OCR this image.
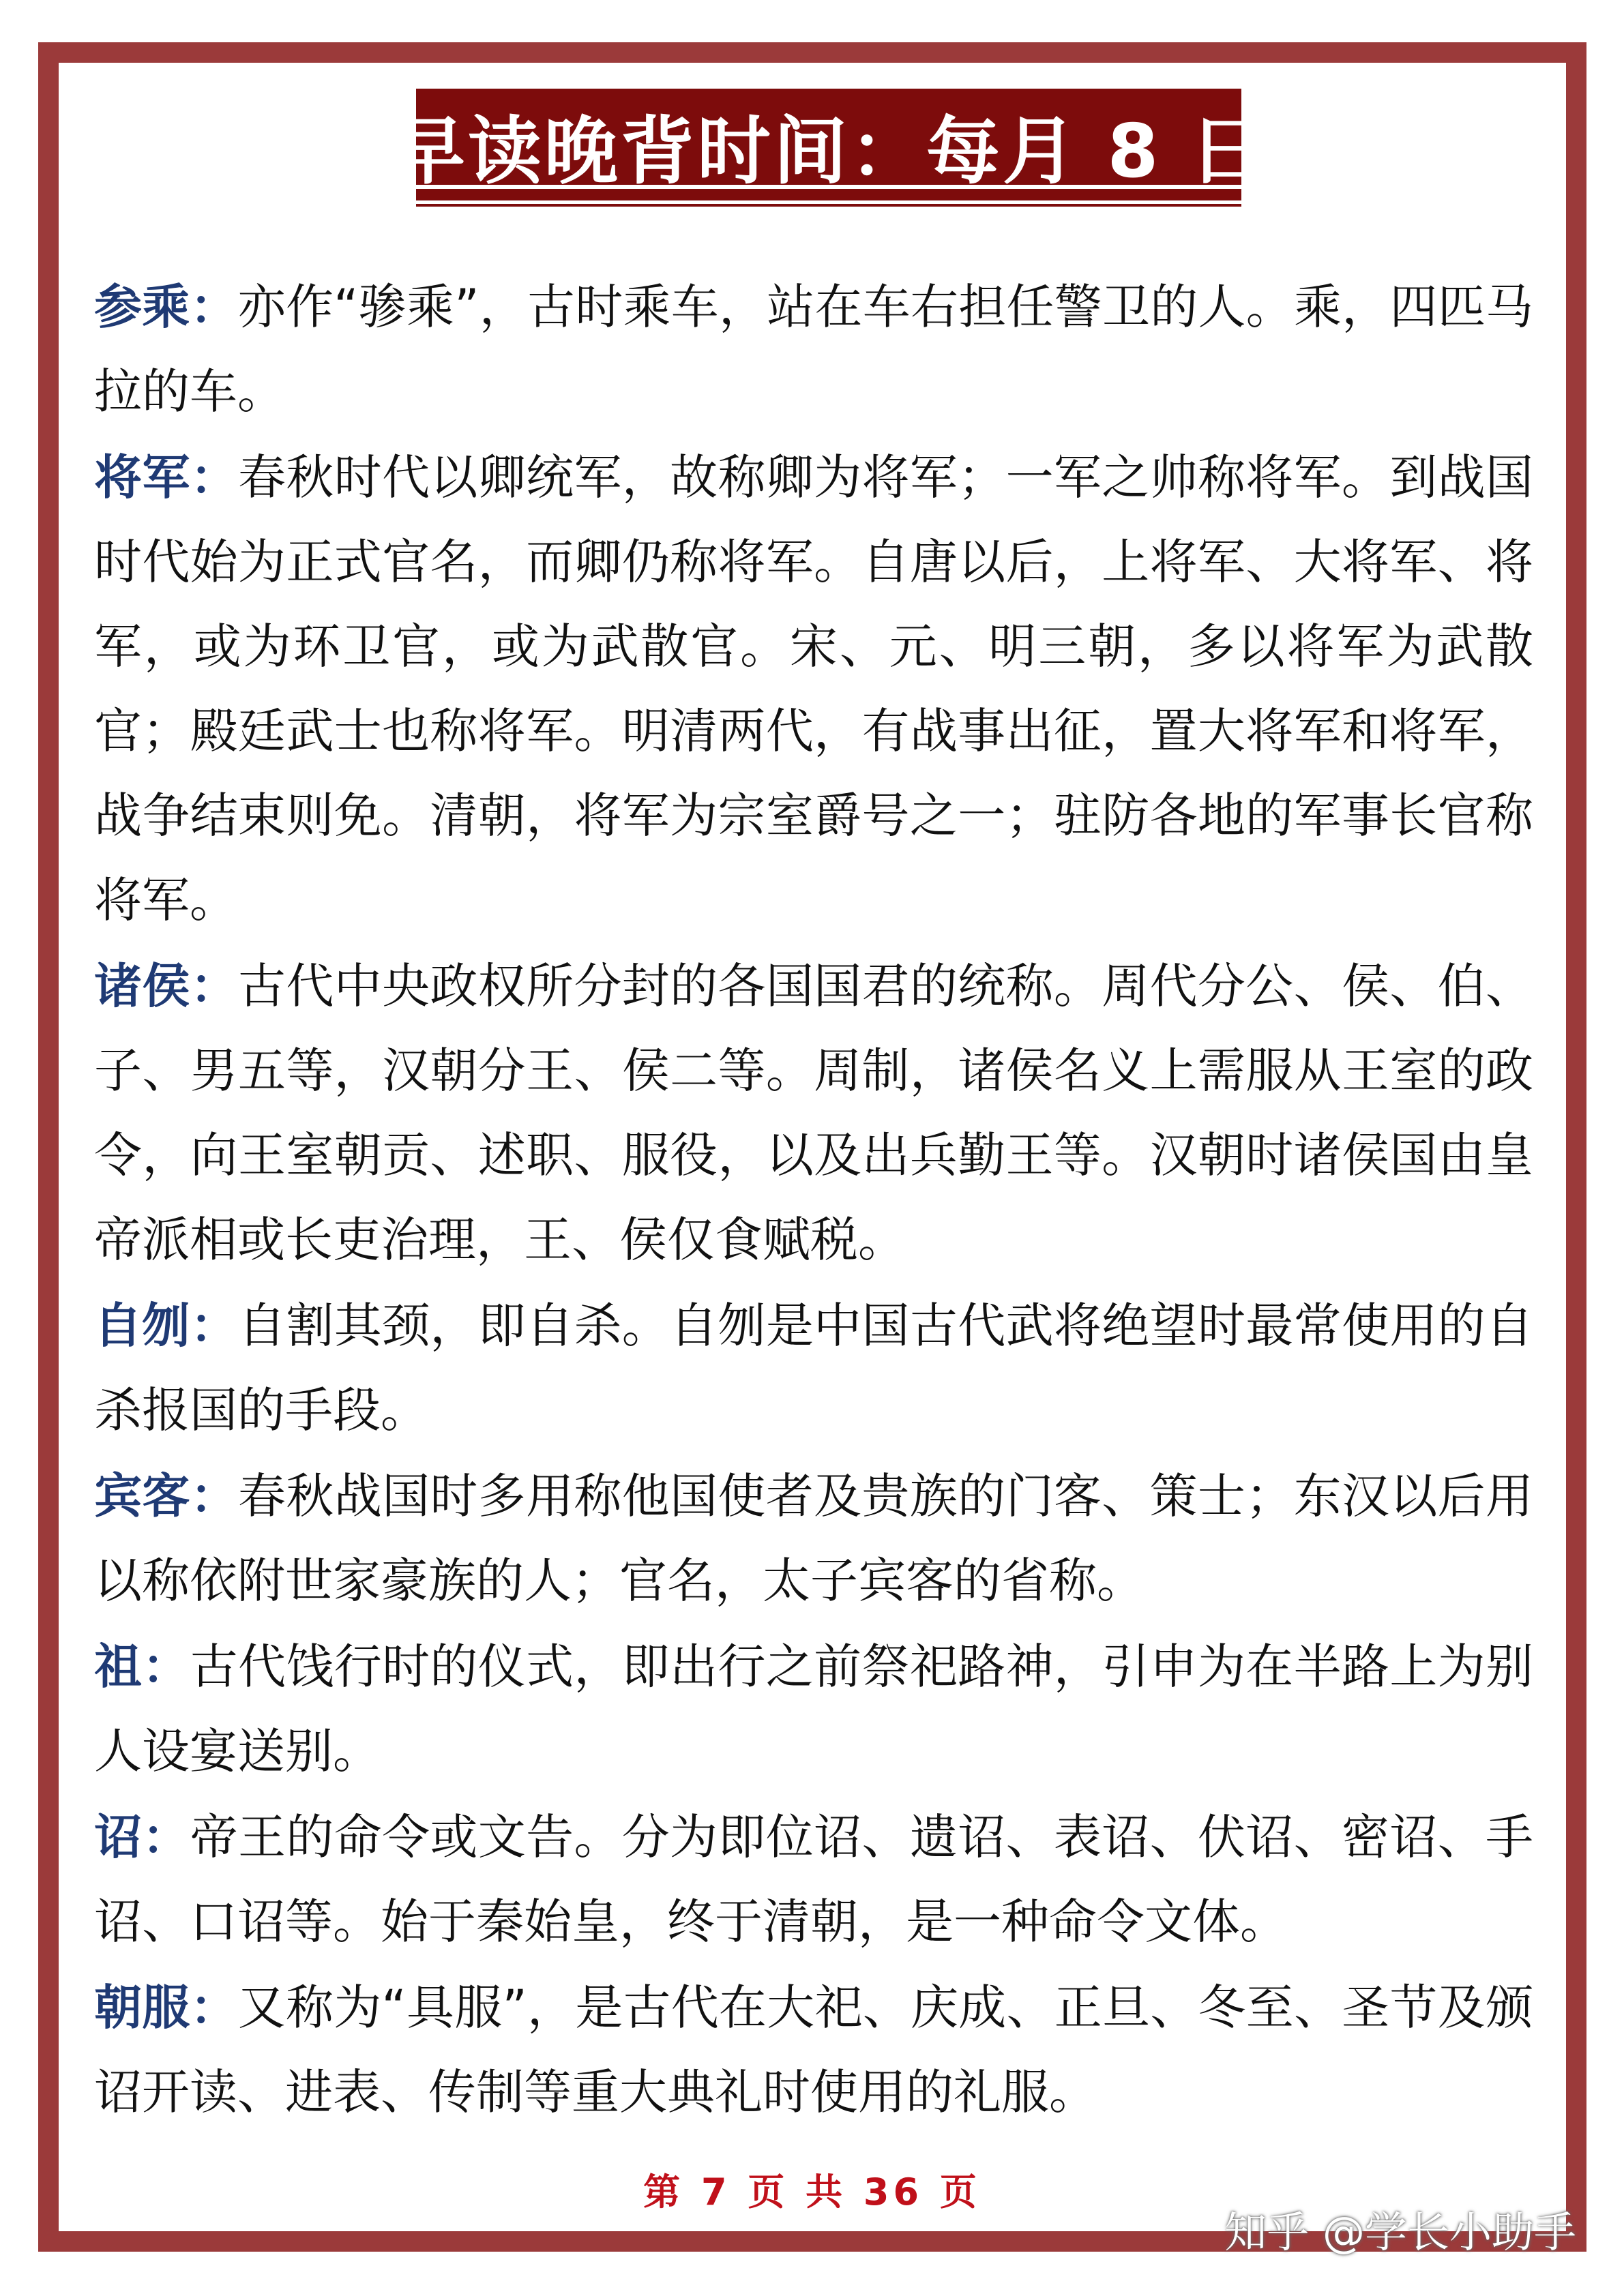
早读晚背时间：每月 8 日

参乘：亦作“骖乘”，古时乘车，站在车右担任警卫的人。乘，四匹马拉的车。

将军：春秋时代以卿统军，故称卿为将军；一军之帅称将军。到战国时代始为正式官名，而卿仍称将军。自唐以后，上将军、大将军、将军，或为环卫官，或为武散官。宋、元、明三朝，多以将军为武散官；殿廷武士也称将军。明清两代，有战事出征，置大将军和将军，战争结束则免。清朝，将军为宗室爵号之一；驻防各地的军事长官称将军。

诸侯：古代中央政权所分封的各国国君的统称。周代分公、侯、伯、子、男五等，汉朝分王、侯二等。周制，诸侯名义上需服从王室的政令，向王室朝贡、述职、服役，以及出兵勤王等。汉朝时诸侯国由皇帝派相或长吏治理，王、侯仅食赋税。

自刎：自割其颈，即自杀。自刎是中国古代武将绝望时最常使用的自杀报国的手段。

宾客：春秋战国时多用称他国使者及贵族的门客、策士；东汉以后用以称依附世家豪族的人；官名，太子宾客的省称。

祖：古代饯行时的仪式，即出行之前祭祀路神，引申为在半路上为别人设宴送别。

诏：帝王的命令或文告。分为即位诏、遗诏、表诏、伏诏、密诏、手诏、口诏等。始于秦始皇，终于清朝，是一种命令文体。

朝服：又称为“具服”，是古代在大祀、庆成、正旦、冬至、圣节及颁诏开读、进表、传制等重大典礼时使用的礼服。

第 7 页 共 36 页
知乎 @学长小助手
